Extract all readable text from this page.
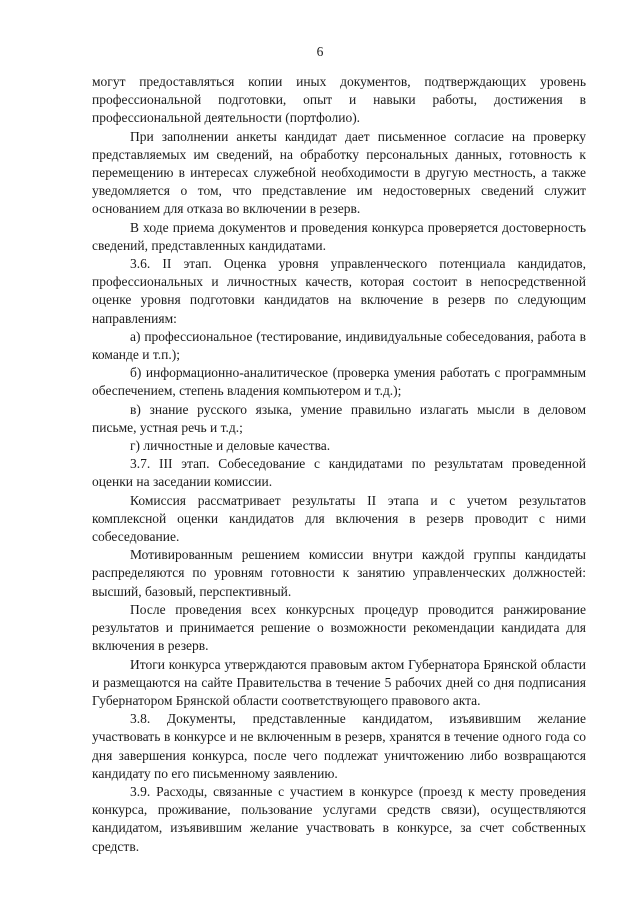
6

могут предоставляться копии иных документов, подтверждающих уровень профессиональной подготовки, опыт и навыки работы, достижения в профессиональной деятельности (портфолио).

При заполнении анкеты кандидат дает письменное согласие на проверку представляемых им сведений, на обработку персональных данных, готовность к перемещению в интересах служебной необходимости в другую местность, а также уведомляется о том, что представление им недостоверных сведений служит основанием для отказа во включении в резерв.

В ходе приема документов и проведения конкурса проверяется достоверность сведений, представленных кандидатами.

3.6. II этап. Оценка уровня управленческого потенциала кандидатов, профессиональных и личностных качеств, которая состоит в непосредственной оценке уровня подготовки кандидатов на включение в резерв по следующим направлениям:

а) профессиональное (тестирование, индивидуальные собеседования, работа в команде и т.п.);

б) информационно-аналитическое (проверка умения работать с программным обеспечением, степень владения компьютером и т.д.);

в) знание русского языка, умение правильно излагать мысли в деловом письме, устная речь и т.д.;

г) личностные и деловые качества.

3.7. III этап. Собеседование с кандидатами по результатам проведенной оценки на заседании комиссии.

Комиссия рассматривает результаты II этапа и с учетом результатов комплексной оценки кандидатов для включения в резерв проводит с ними собеседование.

Мотивированным решением комиссии внутри каждой группы кандидаты распределяются по уровням готовности к занятию управленческих должностей: высший, базовый, перспективный.

После проведения всех конкурсных процедур проводится ранжирование результатов и принимается решение о возможности рекомендации кандидата для включения в резерв.

Итоги конкурса утверждаются правовым актом Губернатора Брянской области и размещаются на сайте Правительства в течение 5 рабочих дней со дня подписания Губернатором Брянской области соответствующего правового акта.

3.8. Документы, представленные кандидатом, изъявившим желание участвовать в конкурсе и не включенным в резерв, хранятся в течение одного года со дня завершения конкурса, после чего подлежат уничтожению либо возвращаются кандидату по его письменному заявлению.

3.9. Расходы, связанные с участием в конкурсе (проезд к месту проведения конкурса, проживание, пользование услугами средств связи), осуществляются кандидатом, изъявившим желание участвовать в конкурсе, за счет собственных средств.
